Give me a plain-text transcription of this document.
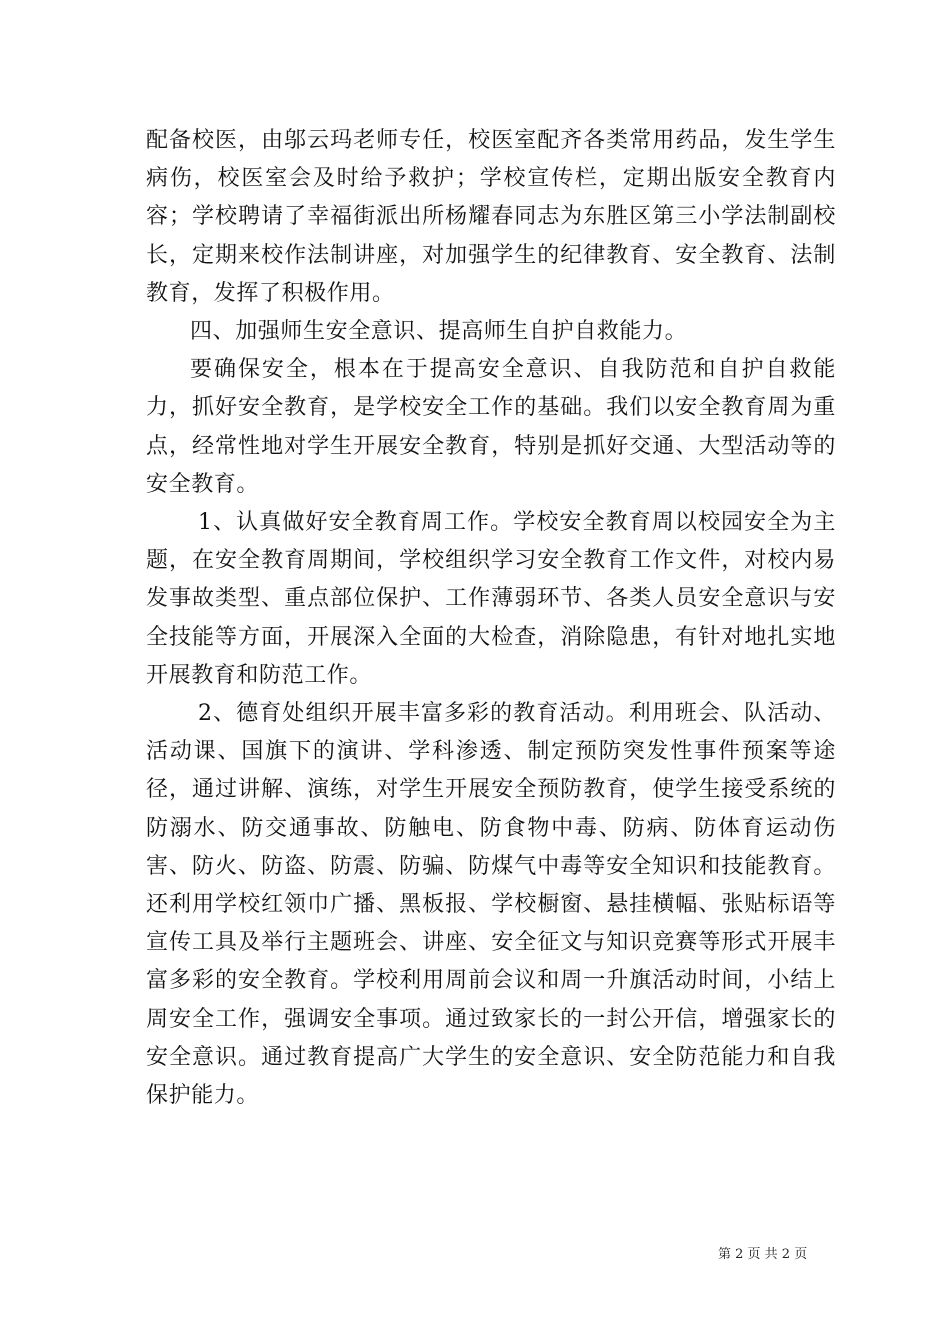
配备校医，由邬云玛老师专任，校医室配齐各类常用药品，发生学生病伤，校医室会及时给予救护；学校宣传栏，定期出版安全教育内容；学校聘请了幸福街派出所杨耀春同志为东胜区第三小学法制副校长，定期来校作法制讲座，对加强学生的纪律教育、安全教育、法制教育，发挥了积极作用。

四、加强师生安全意识、提高师生自护自救能力。

要确保安全，根本在于提高安全意识、自我防范和自护自救能力，抓好安全教育，是学校安全工作的基础。我们以安全教育周为重点，经常性地对学生开展安全教育，特别是抓好交通、大型活动等的安全教育。

1、认真做好安全教育周工作。学校安全教育周以校园安全为主题，在安全教育周期间，学校组织学习安全教育工作文件，对校内易发事故类型、重点部位保护、工作薄弱环节、各类人员安全意识与安全技能等方面，开展深入全面的大检查，消除隐患，有针对地扎实地开展教育和防范工作。

2、德育处组织开展丰富多彩的教育活动。利用班会、队活动、活动课、国旗下的演讲、学科渗透、制定预防突发性事件预案等途径，通过讲解、演练，对学生开展安全预防教育，使学生接受系统的防溺水、防交通事故、防触电、防食物中毒、防病、防体育运动伤害、防火、防盗、防震、防骗、防煤气中毒等安全知识和技能教育。还利用学校红领巾广播、黑板报、学校橱窗、悬挂横幅、张贴标语等宣传工具及举行主题班会、讲座、安全征文与知识竞赛等形式开展丰富多彩的安全教育。学校利用周前会议和周一升旗活动时间，小结上周安全工作，强调安全事项。通过致家长的一封公开信，增强家长的安全意识。通过教育提高广大学生的安全意识、安全防范能力和自我保护能力。

第 2 页 共 2 页
